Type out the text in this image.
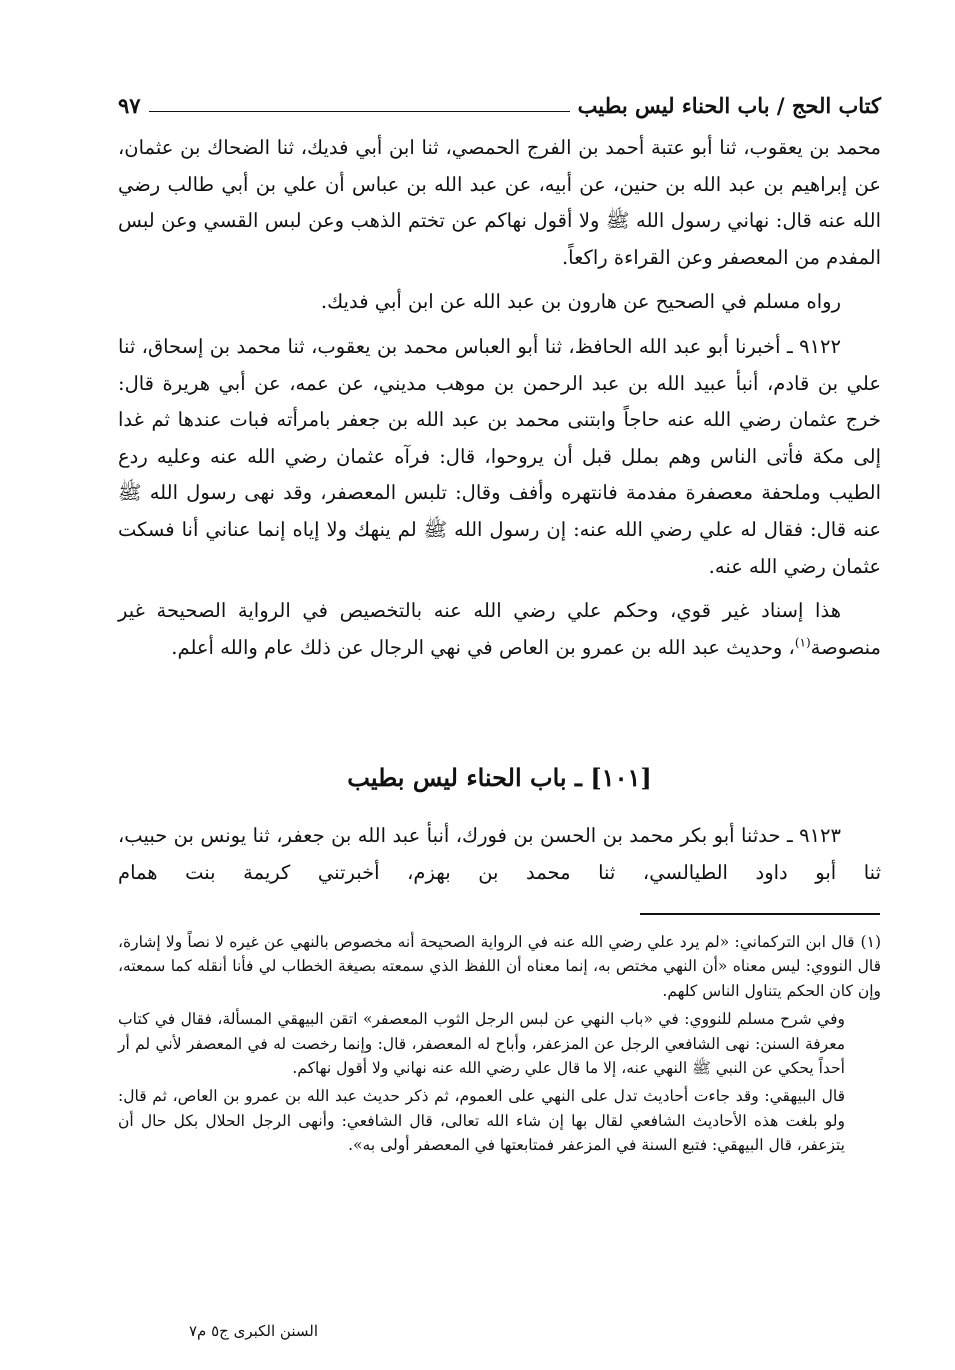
كتاب الحج / باب الحناء ليس بطيب
٩٧

محمد بن يعقوب، ثنا أبو عتبة أحمد بن الفرج الحمصي، ثنا ابن أبي فديك، ثنا الضحاك بن عثمان، عن إبراهيم بن عبد الله بن حنين، عن أبيه، عن عبد الله بن عباس أن علي بن أبي طالب رضي الله عنه قال: نهاني رسول الله ﷺ ولا أقول نهاكم عن تختم الذهب وعن لبس القسي وعن لبس المفدم من المعصفر وعن القراءة راكعاً.

رواه مسلم في الصحيح عن هارون بن عبد الله عن ابن أبي فديك.

٩١٢٢ ـ أخبرنا أبو عبد الله الحافظ، ثنا أبو العباس محمد بن يعقوب، ثنا محمد بن إسحاق، ثنا علي بن قادم، أنبأ عبيد الله بن عبد الرحمن بن موهب مديني، عن عمه، عن أبي هريرة قال: خرج عثمان رضي الله عنه حاجاً وابتنى محمد بن عبد الله بن جعفر بامرأته فبات عندها ثم غدا إلى مكة فأتى الناس وهم بملل قبل أن يروحوا، قال: فرآه عثمان رضي الله عنه وعليه ردع الطيب وملحفة معصفرة مفدمة فانتهره وأفف وقال: تلبس المعصفر، وقد نهى رسول الله ﷺ عنه قال: فقال له علي رضي الله عنه: إن رسول الله ﷺ لم ينهك ولا إياه إنما عناني أنا فسكت عثمان رضي الله عنه.

هذا إسناد غير قوي، وحكم علي رضي الله عنه بالتخصيص في الرواية الصحيحة غير منصوصة$^{(١)}$، وحديث عبد الله بن عمرو بن العاص في نهي الرجال عن ذلك عام والله أعلم.

[١٠١] ـ باب الحناء ليس بطيب

٩١٢٣ ـ حدثنا أبو بكر محمد بن الحسن بن فورك، أنبأ عبد الله بن جعفر، ثنا يونس بن حبيب، ثنا أبو داود الطيالسي، ثنا محمد بن بهزم، أخبرتني كريمة بنت همام

(١)قال ابن التركماني: «لم يرد علي رضي الله عنه في الرواية الصحيحة أنه مخصوص بالنهي عن غيره لا نصاً ولا إشارة، قال النووي: ليس معناه «أن النهي مختص به، إنما معناه أن اللفظ الذي سمعته بصيغة الخطاب لي فأنا أنقله كما سمعته، وإن كان الحكم يتناول الناس كلهم.

وفي شرح مسلم للنووي: في «باب النهي عن لبس الرجل الثوب المعصفر» اتقن البيهقي المسألة، فقال في كتاب معرفة السنن: نهى الشافعي الرجل عن المزعفر، وأباح له المعصفر، قال: وإنما رخصت له في المعصفر لأني لم أر أحداً يحكي عن النبي ﷺ النهي عنه، إلا ما قال علي رضي الله عنه نهاني ولا أقول نهاكم.

قال البيهقي: وقد جاءت أحاديث تدل على النهي على العموم، ثم ذكر حديث عبد الله بن عمرو بن العاص، ثم قال: ولو بلغت هذه الأحاديث الشافعي لقال بها إن شاء الله تعالى، قال الشافعي: وأنهى الرجل الحلال بكل حال أن يتزعفر، قال البيهقي: فتبع السنة في المزعفر فمتابعتها في المعصفر أولى به».

السنن الكبرى ج٥ م٧
